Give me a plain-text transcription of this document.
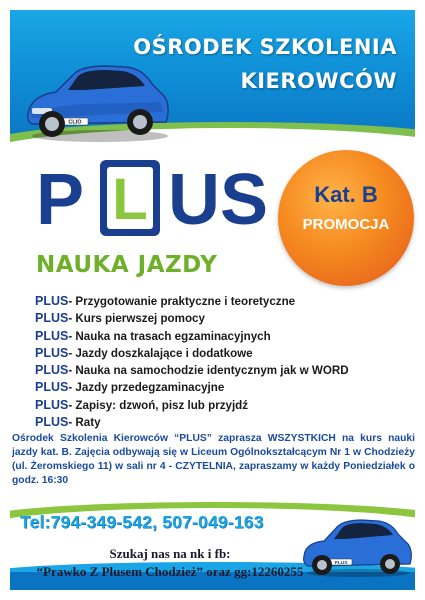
CLIO
OŚRODEK SZKOLENIA
KIEROWCÓW
P L US
NAUKA JAZDY
Kat. B
PROMOCJA
PLUS- Przygotowanie praktyczne i teoretyczne
PLUS- Kurs pierwszej pomocy
PLUS- Nauka na trasach egzaminacyjnych
PLUS- Jazdy doszkalające i dodatkowe
PLUS- Nauka na samochodzie identycznym jak w WORD
PLUS- Jazdy przedegzaminacyjne
PLUS- Zapisy: dzwoń, pisz lub przyjdź
PLUS- Raty
Ośrodek Szkolenia Kierowców “PLUS” zaprasza WSZYSTKICH na kurs nauki jazdy kat. B. Zajęcia odbywają się w Liceum Ogólnokształcącym Nr 1 w Chodzieży (ul. Żeromskiego 11) w sali nr 4 - CZYTELNIA, zapraszamy w każdy Poniedziałek o godz. 16:30
Tel:794-349-542, 507-049-163
Szukaj nas na nk i fb:
“Prawko Z Plusem Chodzież” oraz gg:12260255
PLUS
